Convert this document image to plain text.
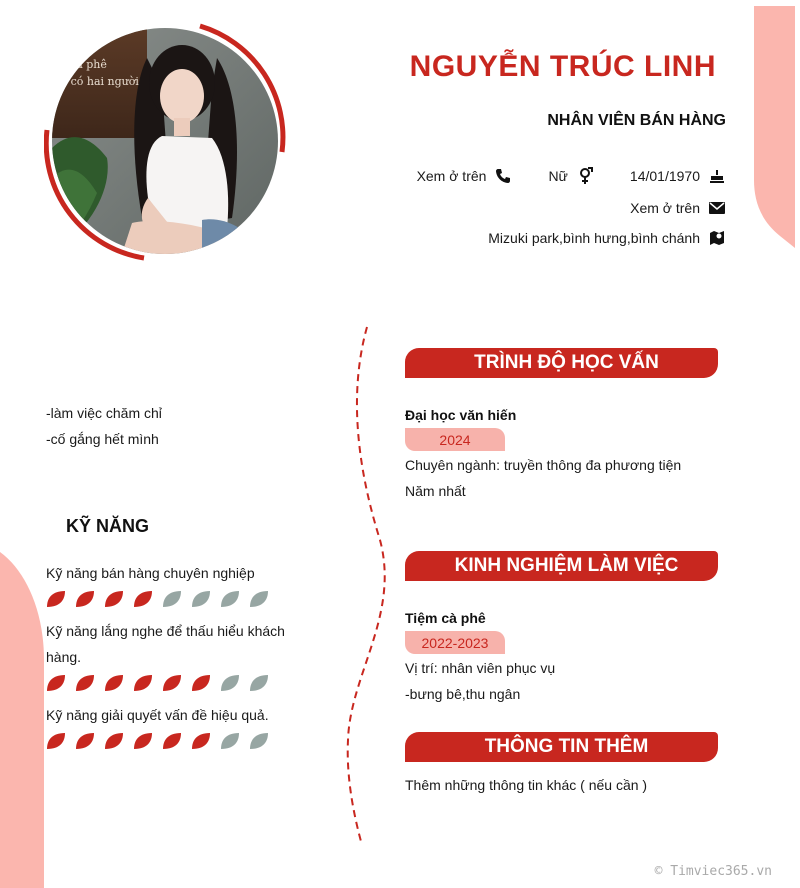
a cà phê
n có hai người	NGUYỄN TRÚC LINH
NHÂN VIÊN BÁN HÀNG
Xem ở trên	Nữ	14/01/1970
Xem ở trên
Mizuki park,bình hưng,bình chánh
-làm việc chăm chỉ
-cố gắng hết mình
KỸ NĂNG
Kỹ năng bán hàng chuyên nghiệp
Kỹ năng lắng nghe để thấu hiểu khách hàng.
Kỹ năng giải quyết vấn đề hiệu quả.
TRÌNH ĐỘ HỌC VẤN
Đại học văn hiến
2024
Chuyên ngành: truyền thông đa phương tiện
Năm nhất
KINH NGHIỆM LÀM VIỆC
Tiệm cà phê
2022-2023
Vị trí: nhân viên phục vụ
-bưng bê,thu ngân
THÔNG TIN THÊM
Thêm những thông tin khác ( nếu cần )
© Timviec365.vn
